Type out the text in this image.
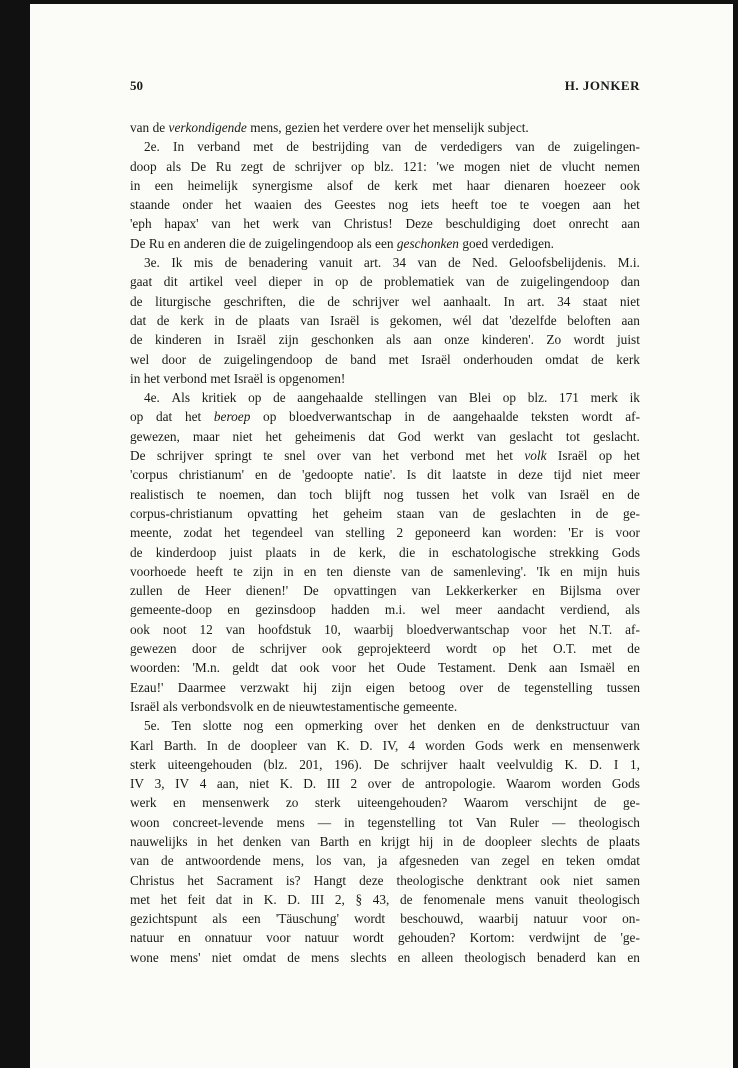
50	H. JONKER
van de verkondigende mens, gezien het verdere over het menselijk subject.
2e. In verband met de bestrijding van de verdedigers van de zuigelingen-
doop als De Ru zegt de schrijver op blz. 121: 'we mogen niet de vlucht nemen
in een heimelijk synergisme alsof de kerk met haar dienaren hoezeer ook
staande onder het waaien des Geestes nog iets heeft toe te voegen aan het
'eph hapax' van het werk van Christus! Deze beschuldiging doet onrecht aan
De Ru en anderen die de zuigelingendoop als een geschonken goed verdedigen.
3e. Ik mis de benadering vanuit art. 34 van de Ned. Geloofsbelijdenis. M.i.
gaat dit artikel veel dieper in op de problematiek van de zuigelingendoop dan
de liturgische geschriften, die de schrijver wel aanhaalt. In art. 34 staat niet
dat de kerk in de plaats van Israël is gekomen, wél dat 'dezelfde beloften aan
de kinderen in Israël zijn geschonken als aan onze kinderen'. Zo wordt juist
wel door de zuigelingendoop de band met Israël onderhouden omdat de kerk
in het verbond met Israël is opgenomen!
4e. Als kritiek op de aangehaalde stellingen van Blei op blz. 171 merk ik
op dat het beroep op bloedverwantschap in de aangehaalde teksten wordt af-
gewezen, maar niet het geheimenis dat God werkt van geslacht tot geslacht.
De schrijver springt te snel over van het verbond met het volk Israël op het
'corpus christianum' en de 'gedoopte natie'. Is dit laatste in deze tijd niet meer
realistisch te noemen, dan toch blijft nog tussen het volk van Israël en de
corpus-christianum opvatting het geheim staan van de geslachten in de ge-
meente, zodat het tegendeel van stelling 2 geponeerd kan worden: 'Er is voor
de kinderdoop juist plaats in de kerk, die in eschatologische strekking Gods
voorhoede heeft te zijn in en ten dienste van de samenleving'. 'Ik en mijn huis
zullen de Heer dienen!' De opvattingen van Lekkerkerker en Bijlsma over
gemeente-doop en gezinsdoop hadden m.i. wel meer aandacht verdiend, als
ook noot 12 van hoofdstuk 10, waarbij bloedverwantschap voor het N.T. af-
gewezen door de schrijver ook geprojekteerd wordt op het O.T. met de
woorden: 'M.n. geldt dat ook voor het Oude Testament. Denk aan Ismaël en
Ezau!' Daarmee verzwakt hij zijn eigen betoog over de tegenstelling tussen
Israël als verbondsvolk en de nieuwtestamentische gemeente.
5e. Ten slotte nog een opmerking over het denken en de denkstructuur van
Karl Barth. In de doopleer van K. D. IV, 4 worden Gods werk en mensenwerk
sterk uiteengehouden (blz. 201, 196). De schrijver haalt veelvuldig K. D. I 1,
IV 3, IV 4 aan, niet K. D. III 2 over de antropologie. Waarom worden Gods
werk en mensenwerk zo sterk uiteengehouden? Waarom verschijnt de ge-
woon concreet-levende mens — in tegenstelling tot Van Ruler — theologisch
nauwelijks in het denken van Barth en krijgt hij in de doopleer slechts de plaats
van de antwoordende mens, los van, ja afgesneden van zegel en teken omdat
Christus het Sacrament is? Hangt deze theologische denktrant ook niet samen
met het feit dat in K. D. III 2, § 43, de fenomenale mens vanuit theologisch
gezichtspunt als een 'Täuschung' wordt beschouwd, waarbij natuur voor on-
natuur en onnatuur voor natuur wordt gehouden? Kortom: verdwijnt de 'ge-
wone mens' niet omdat de mens slechts en alleen theologisch benaderd kan en
